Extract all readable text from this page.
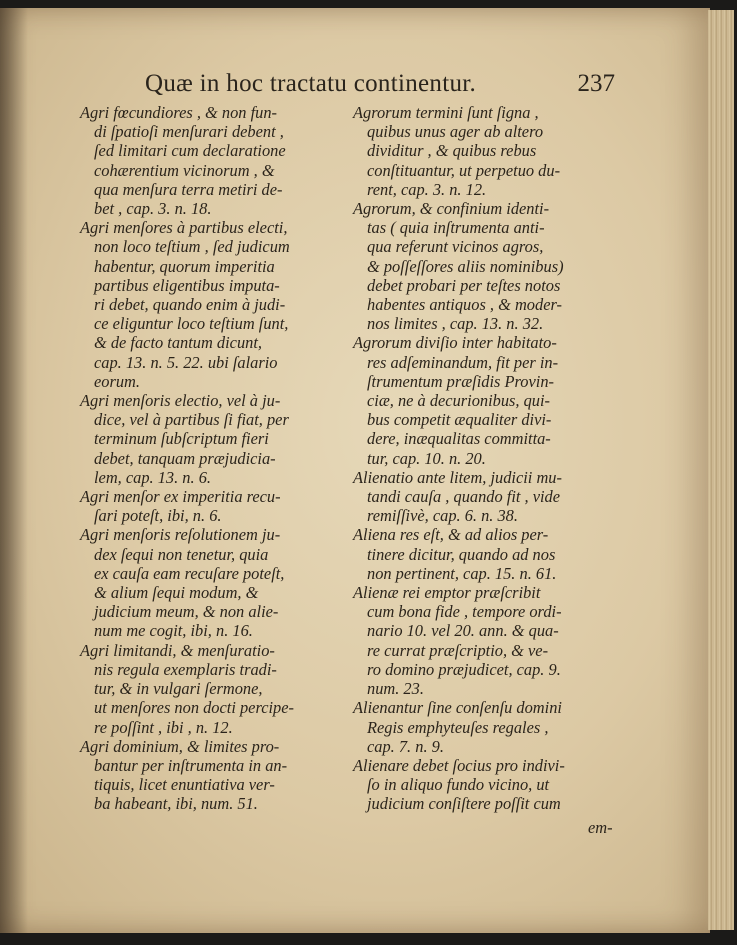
Quæ in hoc tractatu continentur.	237
Agri fœcundiores , & non fun-
di ſpatioſi menſurari debent ,
ſed limitari cum declaratione
cohærentium vicinorum , &
qua menſura terra metiri de-
bet , cap. 3. n. 18.
Agri menſores à partibus electi,
non loco teſtium , ſed judicum
habentur, quorum imperitia
partibus eligentibus imputa-
ri debet, quando enim à judi-
ce eliguntur loco teſtium ſunt,
& de facto tantum dicunt,
cap. 13. n. 5. 22. ubi ſalario
eorum.
Agri menſoris electio, vel à ju-
dice, vel à partibus ſi fiat, per
terminum ſubſcriptum fieri
debet, tanquam præjudicia-
lem, cap. 13. n. 6.
Agri menſor ex imperitia recu-
ſari poteſt, ibi, n. 6.
Agri menſoris reſolutionem ju-
dex ſequi non tenetur, quia
ex cauſa eam recuſare poteſt,
& alium ſequi modum, &
judicium meum, & non alie-
num me cogit, ibi, n. 16.
Agri limitandi, & menſuratio-
nis regula exemplaris tradi-
tur, & in vulgari ſermone,
ut menſores non docti percipe-
re poſſint , ibi , n. 12.
Agri dominium, & limites pro-
bantur per inſtrumenta in an-
tiquis, licet enuntiativa ver-
ba habeant, ibi, num. 51.
Agrorum termini ſunt ſigna ,
quibus unus ager ab altero
dividitur , & quibus rebus
conſtituantur, ut perpetuo du-
rent, cap. 3. n. 12.
Agrorum, & confinium identi-
tas ( quia inſtrumenta anti-
qua referunt vicinos agros,
& poſſeſſores aliis nominibus)
debet probari per teſtes notos
habentes antiquos , & moder-
nos limites , cap. 13. n. 32.
Agrorum diviſio inter habitato-
res adſeminandum, fit per in-
ſtrumentum præſidis Provin-
ciæ, ne à decurionibus, qui-
bus competit æqualiter divi-
dere, inæqualitas committa-
tur, cap. 10. n. 20.
Alienatio ante litem, judicii mu-
tandi cauſa , quando fit , vide
remiſſivè, cap. 6. n. 38.
Aliena res eſt, & ad alios per-
tinere dicitur, quando ad nos
non pertinent, cap. 15. n. 61.
Alienæ rei emptor præſcribit
cum bona fide , tempore ordi-
nario 10. vel 20. ann. & qua-
re currat præſcriptio, & ve-
ro domino præjudicet, cap. 9.
num. 23.
Alienantur ſine conſenſu domini
Regis emphyteuſes regales ,
cap. 7. n. 9.
Alienare debet ſocius pro indivi-
ſo in aliquo fundo vicino, ut
judicium conſiſtere poſſit cum
em-
